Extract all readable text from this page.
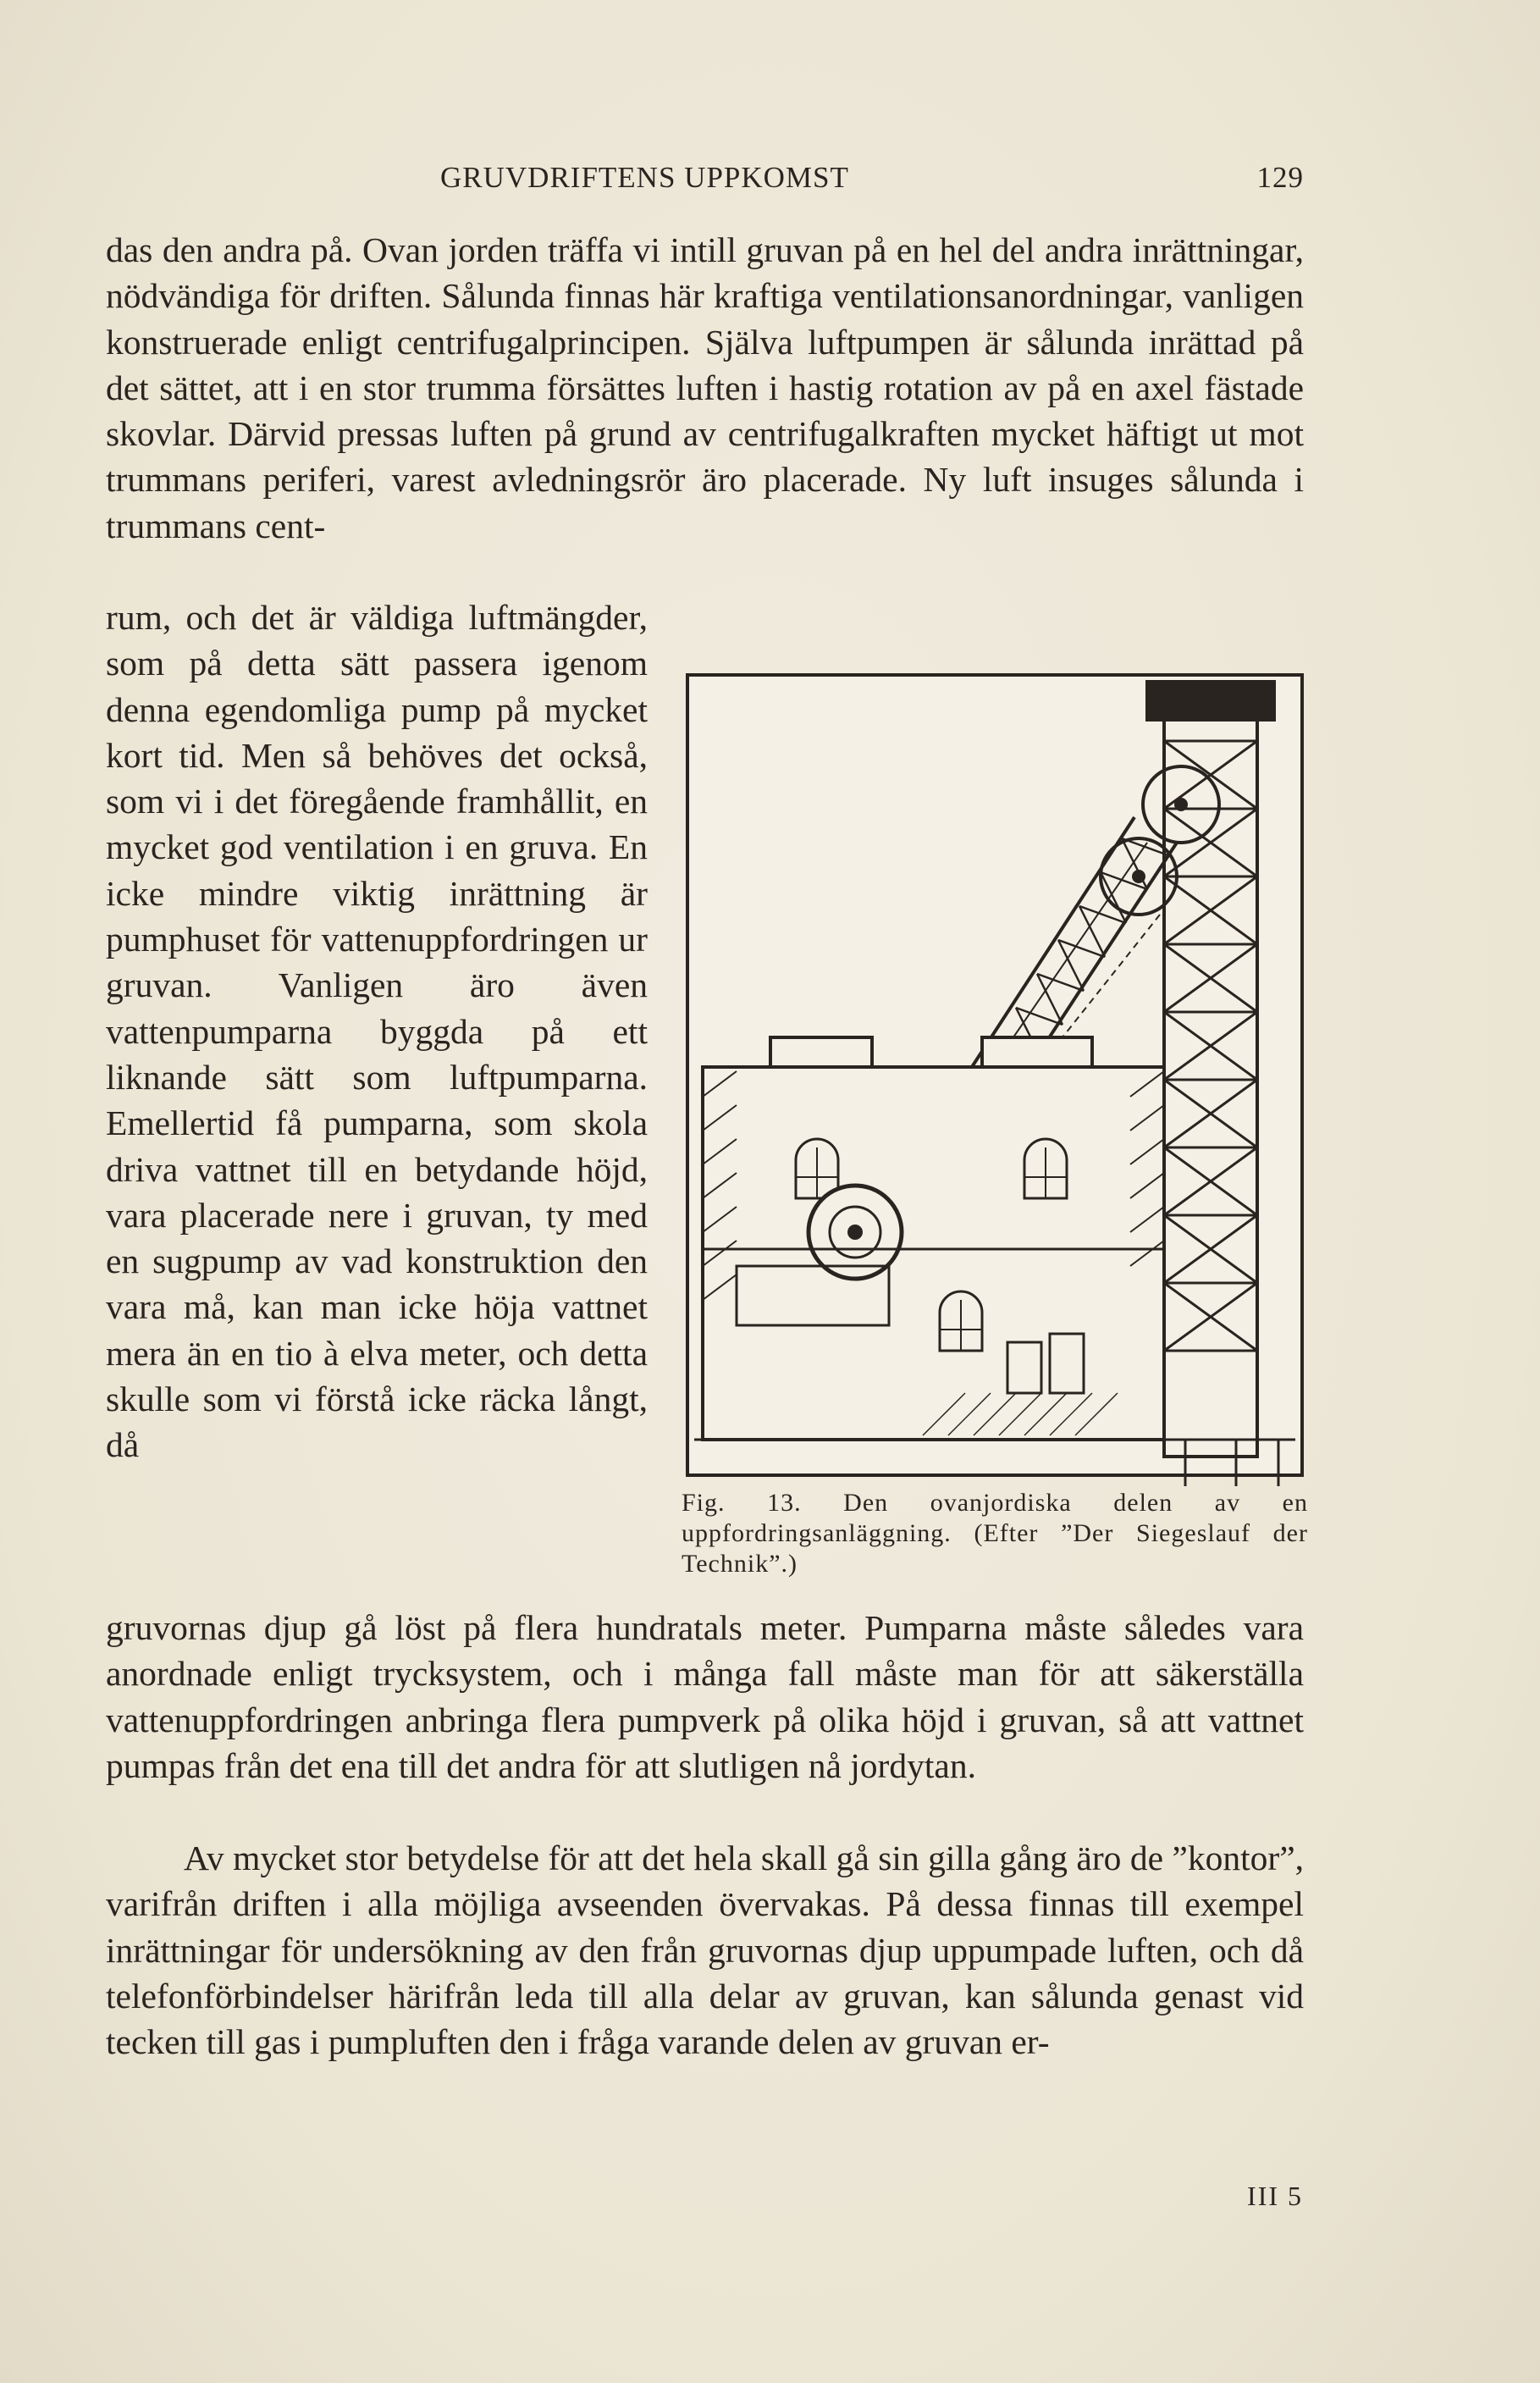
GRUVDRIFTENS UPPKOMST	129

das den andra på. Ovan jorden träffa vi intill gruvan på en hel del andra inrättningar, nödvändiga för driften. Sålunda finnas här kraftiga ventilationsanordningar, vanligen konstruerade enligt centrifugalprincipen. Själva luftpumpen är sålunda inrättad på det sättet, att i en stor trumma försättes luften i hastig rotation av på en axel fästade skovlar. Därvid pressas luften på grund av centrifugalkraften mycket häftigt ut mot trummans periferi, varest avledningsrör äro placerade. Ny luft insuges sålunda i trummans cent-

rum, och det är väldiga luftmängder, som på detta sätt passera igenom denna egendomliga pump på mycket kort tid. Men så behöves det också, som vi i det föregående framhållit, en mycket god ventilation i en gruva. En icke mindre viktig inrättning är pumphuset för vattenuppfordringen ur gruvan. Vanligen äro även vattenpumparna byggda på ett liknande sätt som luftpumparna. Emellertid få pumparna, som skola driva vattnet till en betydande höjd, vara placerade nere i gruvan, ty med en sugpump av vad konstruktion den vara må, kan man icke höja vattnet mera än en tio à elva meter, och detta skulle som vi förstå icke räcka långt, då

Fig. 13. Den ovanjordiska delen av en uppfordringsanläggning. (Efter ”Der Siegeslauf der Technik”.)
gruvornas djup gå löst på flera hundratals meter. Pumparna måste således vara anordnade enligt trycksystem, och i många fall måste man för att säkerställa vattenuppfordringen anbringa flera pumpverk på olika höjd i gruvan, så att vattnet pumpas från det ena till det andra för att slutligen nå jordytan.
Av mycket stor betydelse för att det hela skall gå sin gilla gång äro de ”kontor”, varifrån driften i alla möjliga avseenden övervakas. På dessa finnas till exempel inrättningar för undersökning av den från gruvornas djup uppumpade luften, och då telefonförbindelser härifrån leda till alla delar av gruvan, kan sålunda genast vid tecken till gas i pumpluften den i fråga varande delen av gruvan er-
III 5
